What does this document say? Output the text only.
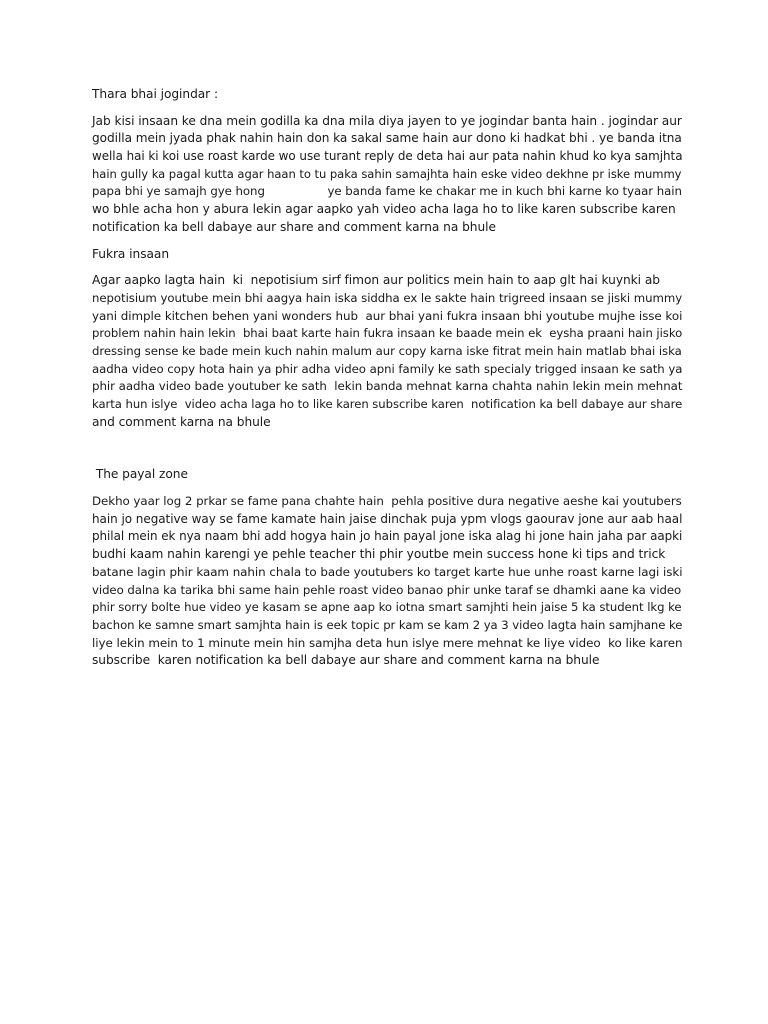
Thara bhai jogindar :
Jab kisi insaan ke dna mein godilla ka dna mila diya jayen to ye jogindar banta hain . jogindar aur
godilla mein jyada phak nahin hain don ka sakal same hain aur dono ki hadkat bhi . ye banda itna
wella hai ki koi use roast karde wo use turant reply de deta hai aur pata nahin khud ko kya samjhta
hain gully ka pagal kutta agar haan to tu paka sahin samajhta hain eske video dekhne pr iske mummy
papa bhi ye samajh gye hong                 ye banda fame ke chakar me in kuch bhi karne ko tyaar hain
wo bhle acha hon y abura lekin agar aapko yah video acha laga ho to like karen subscribe karen
notification ka bell dabaye aur share and comment karna na bhule
Fukra insaan
Agar aapko lagta hain  ki  nepotisium sirf fimon aur politics mein hain to aap glt hai kuynki ab
nepotisium youtube mein bhi aagya hain iska siddha ex le sakte hain trigreed insaan se jiski mummy
yani dimple kitchen behen yani wonders hub  aur bhai yani fukra insaan bhi youtube mujhe isse koi
problem nahin hain lekin  bhai baat karte hain fukra insaan ke baade mein ek  eysha praani hain jisko
dressing sense ke bade mein kuch nahin malum aur copy karna iske fitrat mein hain matlab bhai iska
aadha video copy hota hain ya phir adha video apni family ke sath specialy trigged insaan ke sath ya
phir aadha video bade youtuber ke sath  lekin banda mehnat karna chahta nahin lekin mein mehnat
karta hun islye  video acha laga ho to like karen subscribe karen  notification ka bell dabaye aur share
and comment karna na bhule
The payal zone
Dekho yaar log 2 prkar se fame pana chahte hain  pehla positive dura negative aeshe kai youtubers
hain jo negative way se fame kamate hain jaise dinchak puja ypm vlogs gaourav jone aur aab haal
philal mein ek nya naam bhi add hogya hain jo hain payal jone iska alag hi jone hain jaha par aapki
budhi kaam nahin karengi ye pehle teacher thi phir youtbe mein success hone ki tips and trick
batane lagin phir kaam nahin chala to bade youtubers ko target karte hue unhe roast karne lagi iski
video dalna ka tarika bhi same hain pehle roast video banao phir unke taraf se dhamki aane ka video
phir sorry bolte hue video ye kasam se apne aap ko iotna smart samjhti hein jaise 5 ka student lkg ke
bachon ke samne smart samjhta hain is eek topic pr kam se kam 2 ya 3 video lagta hain samjhane ke
liye lekin mein to 1 minute mein hin samjha deta hun islye mere mehnat ke liye video  ko like karen
subscribe  karen notification ka bell dabaye aur share and comment karna na bhule
